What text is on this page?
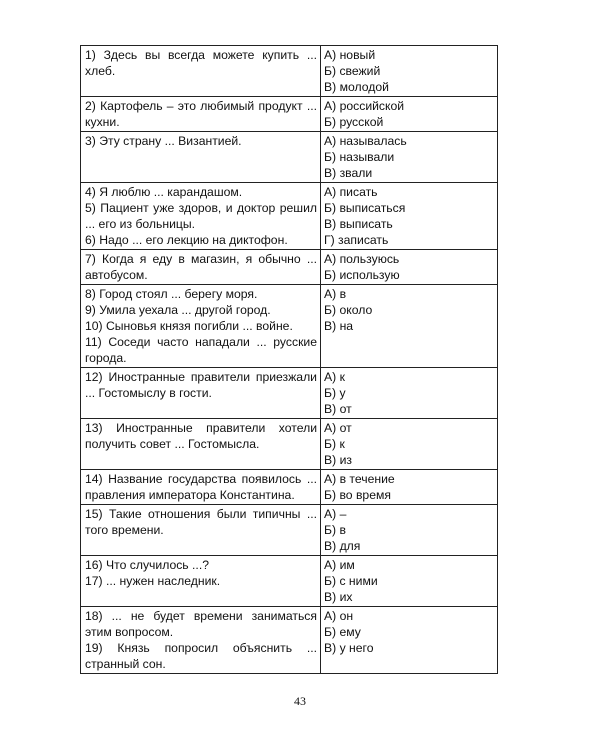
1) Здесь вы всегда можете купить ... хлеб.	А) новый
Б) свежий
В) молодой

2) Картофель – это любимый продукт ... кухни.	А) российской
Б) русской

3) Эту страну ... Византией.	А) называлась
Б) называли
В) звали

4) Я люблю ... карандашом.
5) Пациент уже здоров, и доктор решил ... его из больницы.
6) Надо ... его лекцию на диктофон.	А) писать
Б) выписаться
В) выписать
Г) записать

7) Когда я еду в магазин, я обычно ... автобусом.	А) пользуюсь
Б) использую

8) Город стоял ... берегу моря.
9) Умила уехала ... другой город.
10) Сыновья князя погибли ... войне.
11) Соседи часто нападали ... русские города.	А) в
Б) около
В) на

12) Иностранные правители приезжали ... Гостомыслу в гости.	А) к
Б) у
В) от

13) Иностранные правители хотели получить совет ... Гостомысла.	А) от
Б) к
В) из

14) Название государства появилось ... правления императора Константина.	А) в течение
Б) во время

15) Такие отношения были типичны ... того времени.	А) –
Б) в
В) для

16) Что случилось ...?
17) ... нужен наследник.	А) им
Б) с ними
В) их

18) ... не будет времени заниматься этим вопросом.
19) Князь попросил объяснить ... странный сон.	А) он
Б) ему
В) у него
43
